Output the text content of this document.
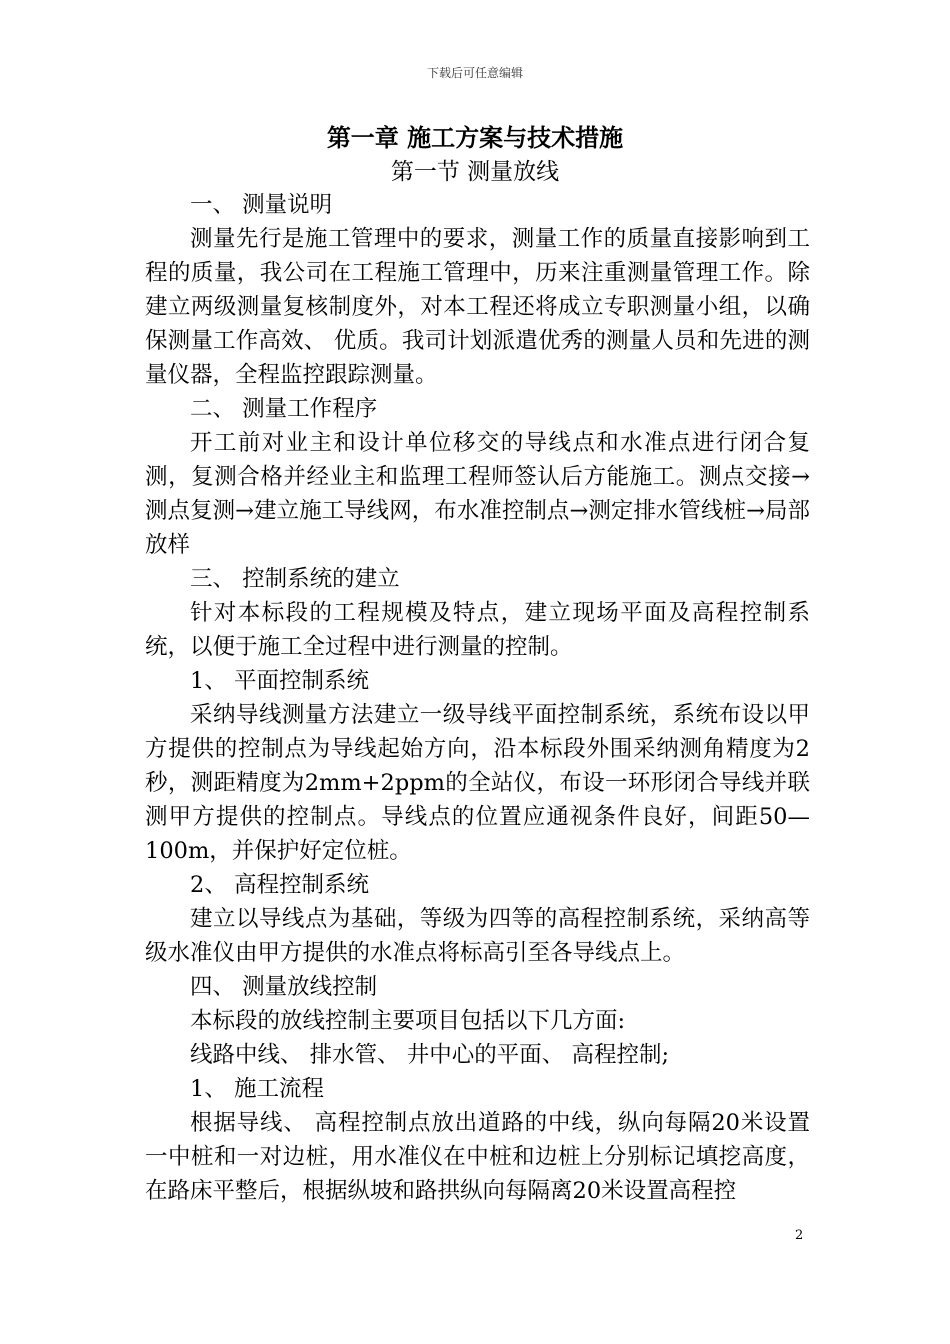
下载后可任意编辑
第一章 施工方案与技术措施
第一节 测量放线

一、 测量说明

测量先行是施工管理中的要求，测量工作的质量直接影响到工程的质量，我公司在工程施工管理中，历来注重测量管理工作。除建立两级测量复核制度外，对本工程还将成立专职测量小组，以确保测量工作高效、 优质。我司计划派遣优秀的测量人员和先进的测量仪器，全程监控跟踪测量。

二、 测量工作程序

开工前对业主和设计单位移交的导线点和水准点进行闭合复测，复测合格并经业主和监理工程师签认后方能施工。测点交接→测点复测→建立施工导线网，布水准控制点→测定排水管线桩→局部放样

三、 控制系统的建立

针对本标段的工程规模及特点，建立现场平面及高程控制系统，以便于施工全过程中进行测量的控制。

1、 平面控制系统

采纳导线测量方法建立一级导线平面控制系统，系统布设以甲方提供的控制点为导线起始方向，沿本标段外围采纳测角精度为2秒，测距精度为2mm+2ppm的全站仪，布设一环形闭合导线并联测甲方提供的控制点。导线点的位置应通视条件良好，间距50—100m，并保护好定位桩。

2、 高程控制系统

建立以导线点为基础，等级为四等的高程控制系统，采纳高等级水准仪由甲方提供的水准点将标高引至各导线点上。

四、 测量放线控制

本标段的放线控制主要项目包括以下几方面:

线路中线、 排水管、 井中心的平面、 高程控制;

1、 施工流程

根据导线、 高程控制点放出道路的中线，纵向每隔20米设置一中桩和一对边桩，用水准仪在中桩和边桩上分别标记填挖高度，在路床平整后，根据纵坡和路拱纵向每隔离20米设置高程控

2
